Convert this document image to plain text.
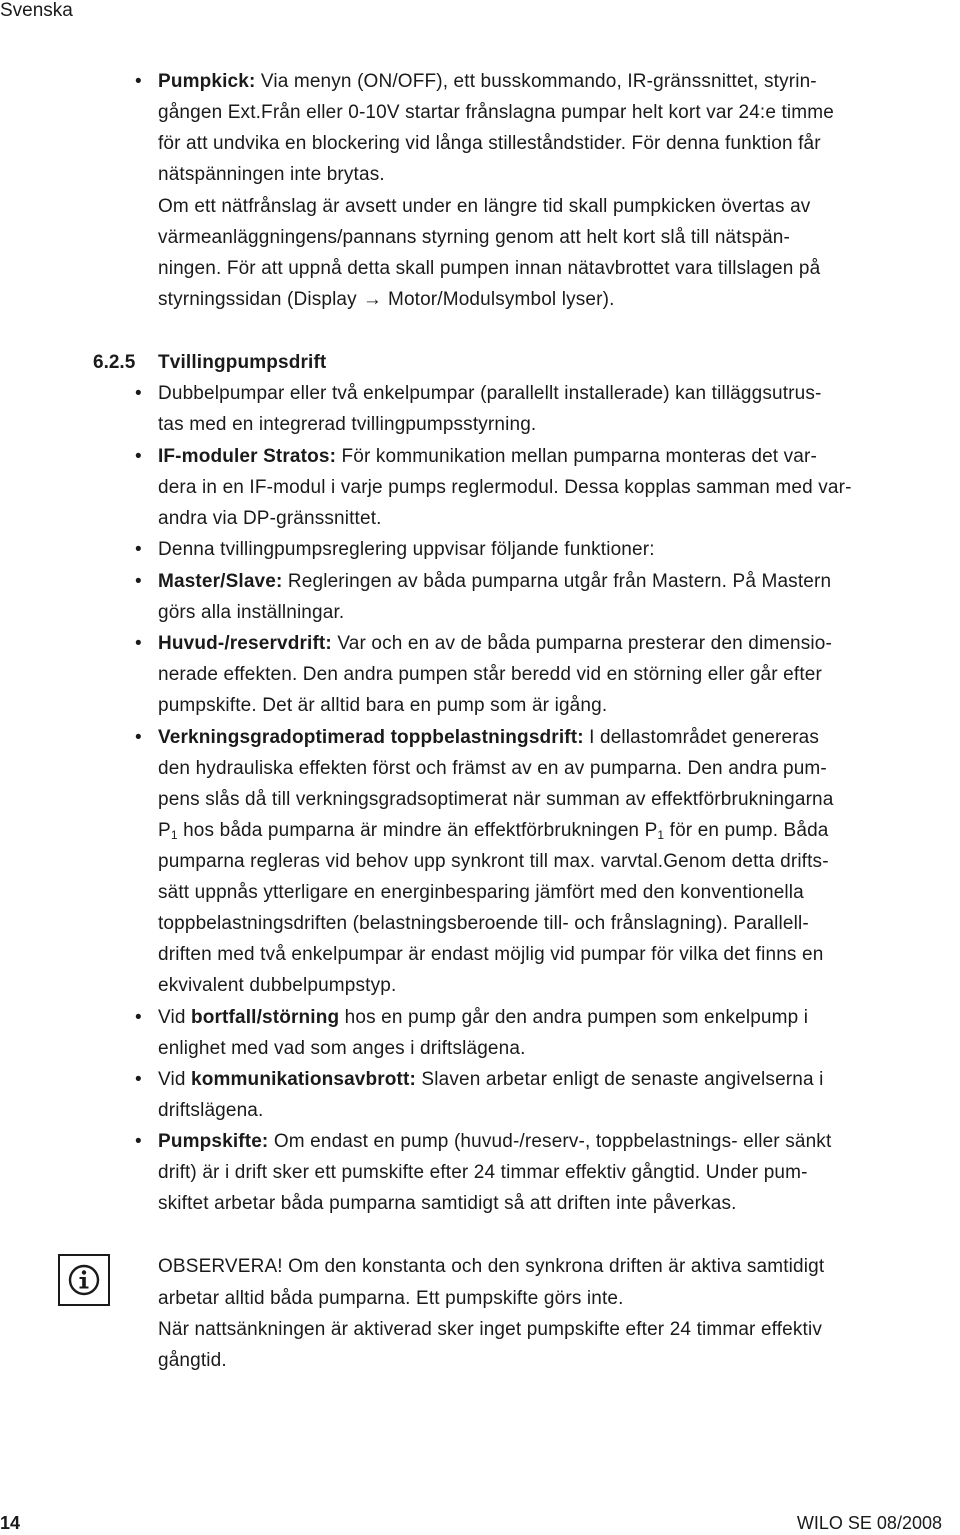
Svenska
• Pumpkick: Via menyn (ON/OFF), ett busskommando, IR-gränssnittet, styrin-
gången Ext.Från eller 0-10V startar frånslagna pumpar helt kort var 24:e timme
för att undvika en blockering vid långa stilleståndstider. För denna funktion får
nätspänningen inte brytas.
Om ett nätfrånslag är avsett under en längre tid skall pumpkicken övertas av
värmeanläggningens/pannans styrning genom att helt kort slå till nätspän-
ningen. För att uppnå detta skall pumpen innan nätavbrottet vara tillslagen på
styrningssidan (Display → Motor/Modulsymbol lyser).
6.2.5 Tvillingpumpsdrift
• Dubbelpumpar eller två enkelpumpar (parallellt installerade) kan tilläggsutrus-
tas med en integrerad tvillingpumpsstyrning.
• IF-moduler Stratos: För kommunikation mellan pumparna monteras det var-
dera in en IF-modul i varje pumps reglermodul. Dessa kopplas samman med var-
andra via DP-gränssnittet.
• Denna tvillingpumpsreglering uppvisar följande funktioner:
• Master/Slave: Regleringen av båda pumparna utgår från Mastern. På Mastern
görs alla inställningar.
• Huvud-/reservdrift: Var och en av de båda pumparna presterar den dimensio-
nerade effekten. Den andra pumpen står beredd vid en störning eller går efter
pumpskifte. Det är alltid bara en pump som är igång.
• Verkningsgradoptimerad toppbelastningsdrift: I dellastområdet genereras
den hydrauliska effekten först och främst av en av pumparna. Den andra pum-
pens slås då till verkningsgradsoptimerat när summan av effektförbrukningarna
$P_1$ hos båda pumparna är mindre än effektförbrukningen $P_1$ för en pump. Båda
pumparna regleras vid behov upp synkront till max. varvtal.Genom detta drifts-
sätt uppnås ytterligare en energinbesparing jämfört med den konventionella
toppbelastningsdriften (belastningsberoende till- och frånslagning). Parallell-
driften med två enkelpumpar är endast möjlig vid pumpar för vilka det finns en
ekvivalent dubbelpumpstyp.
• Vid bortfall/störning hos en pump går den andra pumpen som enkelpump i
enlighet med vad som anges i driftslägena.
• Vid kommunikationsavbrott: Slaven arbetar enligt de senaste angivelserna i
driftslägena.
• Pumpskifte: Om endast en pump (huvud-/reserv-, toppbelastnings- eller sänkt
drift) är i drift sker ett pumskifte efter 24 timmar effektiv gångtid. Under pum-
skiftet arbetar båda pumparna samtidigt så att driften inte påverkas.
OBSERVERA! Om den konstanta och den synkrona driften är aktiva samtidigt
arbetar alltid båda pumparna. Ett pumpskifte görs inte.
När nattsänkningen är aktiverad sker inget pumpskifte efter 24 timmar effektiv
gångtid.
14	WILO SE 08/2008
